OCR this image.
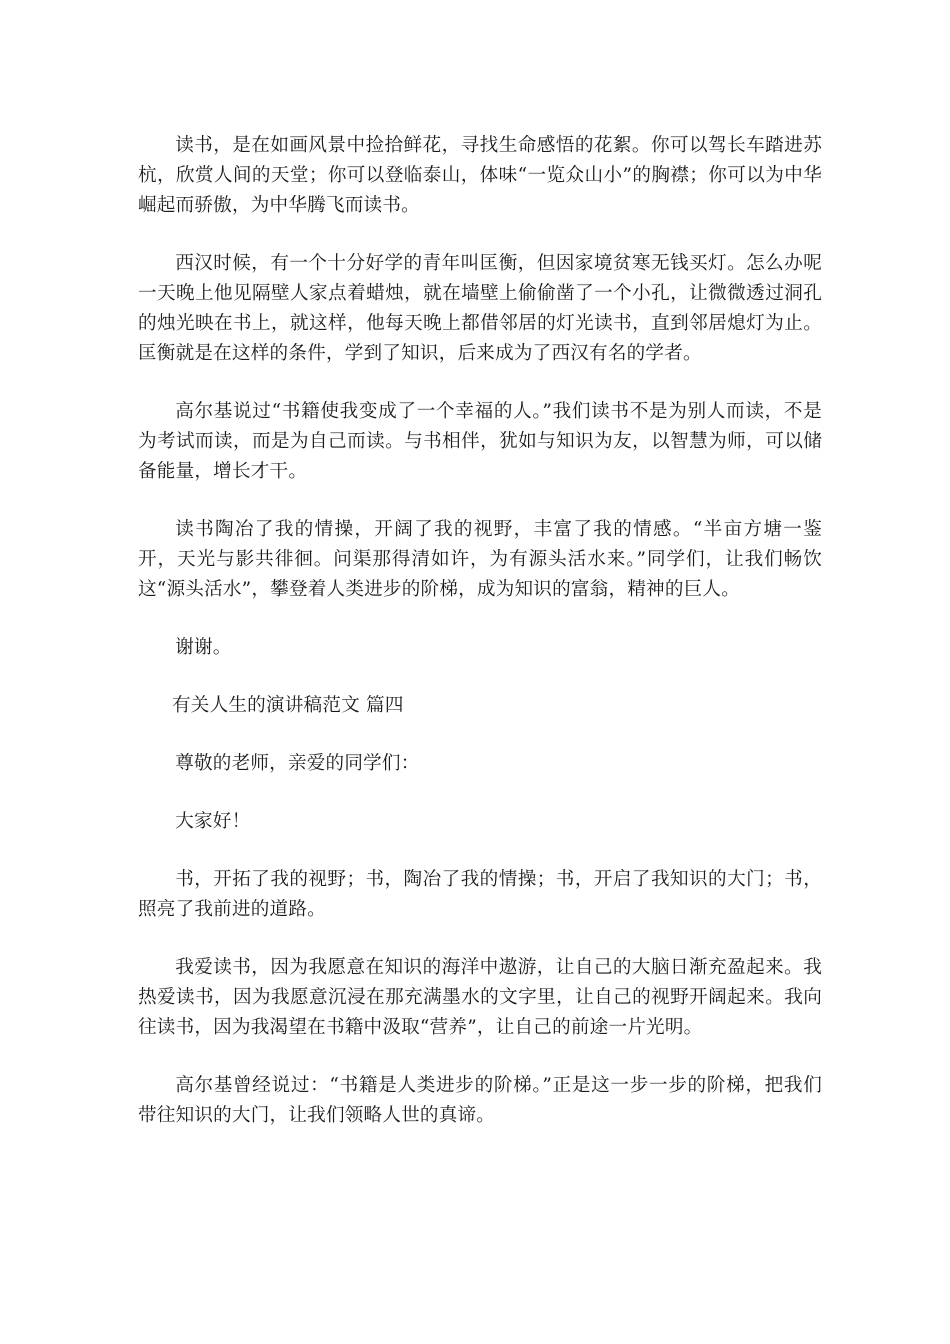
读书，是在如画风景中捡拾鲜花，寻找生命感悟的花絮。你可以驾长车踏进苏杭，欣赏人间的天堂；你可以登临泰山，体味“一览众山小”的胸襟；你可以为中华崛起而骄傲，为中华腾飞而读书。

西汉时候，有一个十分好学的青年叫匡衡，但因家境贫寒无钱买灯。怎么办呢一天晚上他见隔壁人家点着蜡烛，就在墙壁上偷偷凿了一个小孔，让微微透过洞孔的烛光映在书上，就这样，他每天晚上都借邻居的灯光读书，直到邻居熄灯为止。匡衡就是在这样的条件，学到了知识，后来成为了西汉有名的学者。

高尔基说过“书籍使我变成了一个幸福的人。”我们读书不是为别人而读，不是为考试而读，而是为自己而读。与书相伴，犹如与知识为友，以智慧为师，可以储备能量，增长才干。

读书陶冶了我的情操，开阔了我的视野，丰富了我的情感。“半亩方塘一鉴开，天光与影共徘徊。问渠那得清如许，为有源头活水来。”同学们，让我们畅饮这“源头活水”，攀登着人类进步的阶梯，成为知识的富翁，精神的巨人。

谢谢。

有关人生的演讲稿范文 篇四

尊敬的老师，亲爱的同学们：

大家好！

书，开拓了我的视野；书，陶冶了我的情操；书，开启了我知识的大门；书，照亮了我前进的道路。

我爱读书，因为我愿意在知识的海洋中遨游，让自己的大脑日渐充盈起来。我热爱读书，因为我愿意沉浸在那充满墨水的文字里，让自己的视野开阔起来。我向往读书，因为我渴望在书籍中汲取“营养”，让自己的前途一片光明。

高尔基曾经说过：“书籍是人类进步的阶梯。”正是这一步一步的阶梯，把我们带往知识的大门，让我们领略人世的真谛。
